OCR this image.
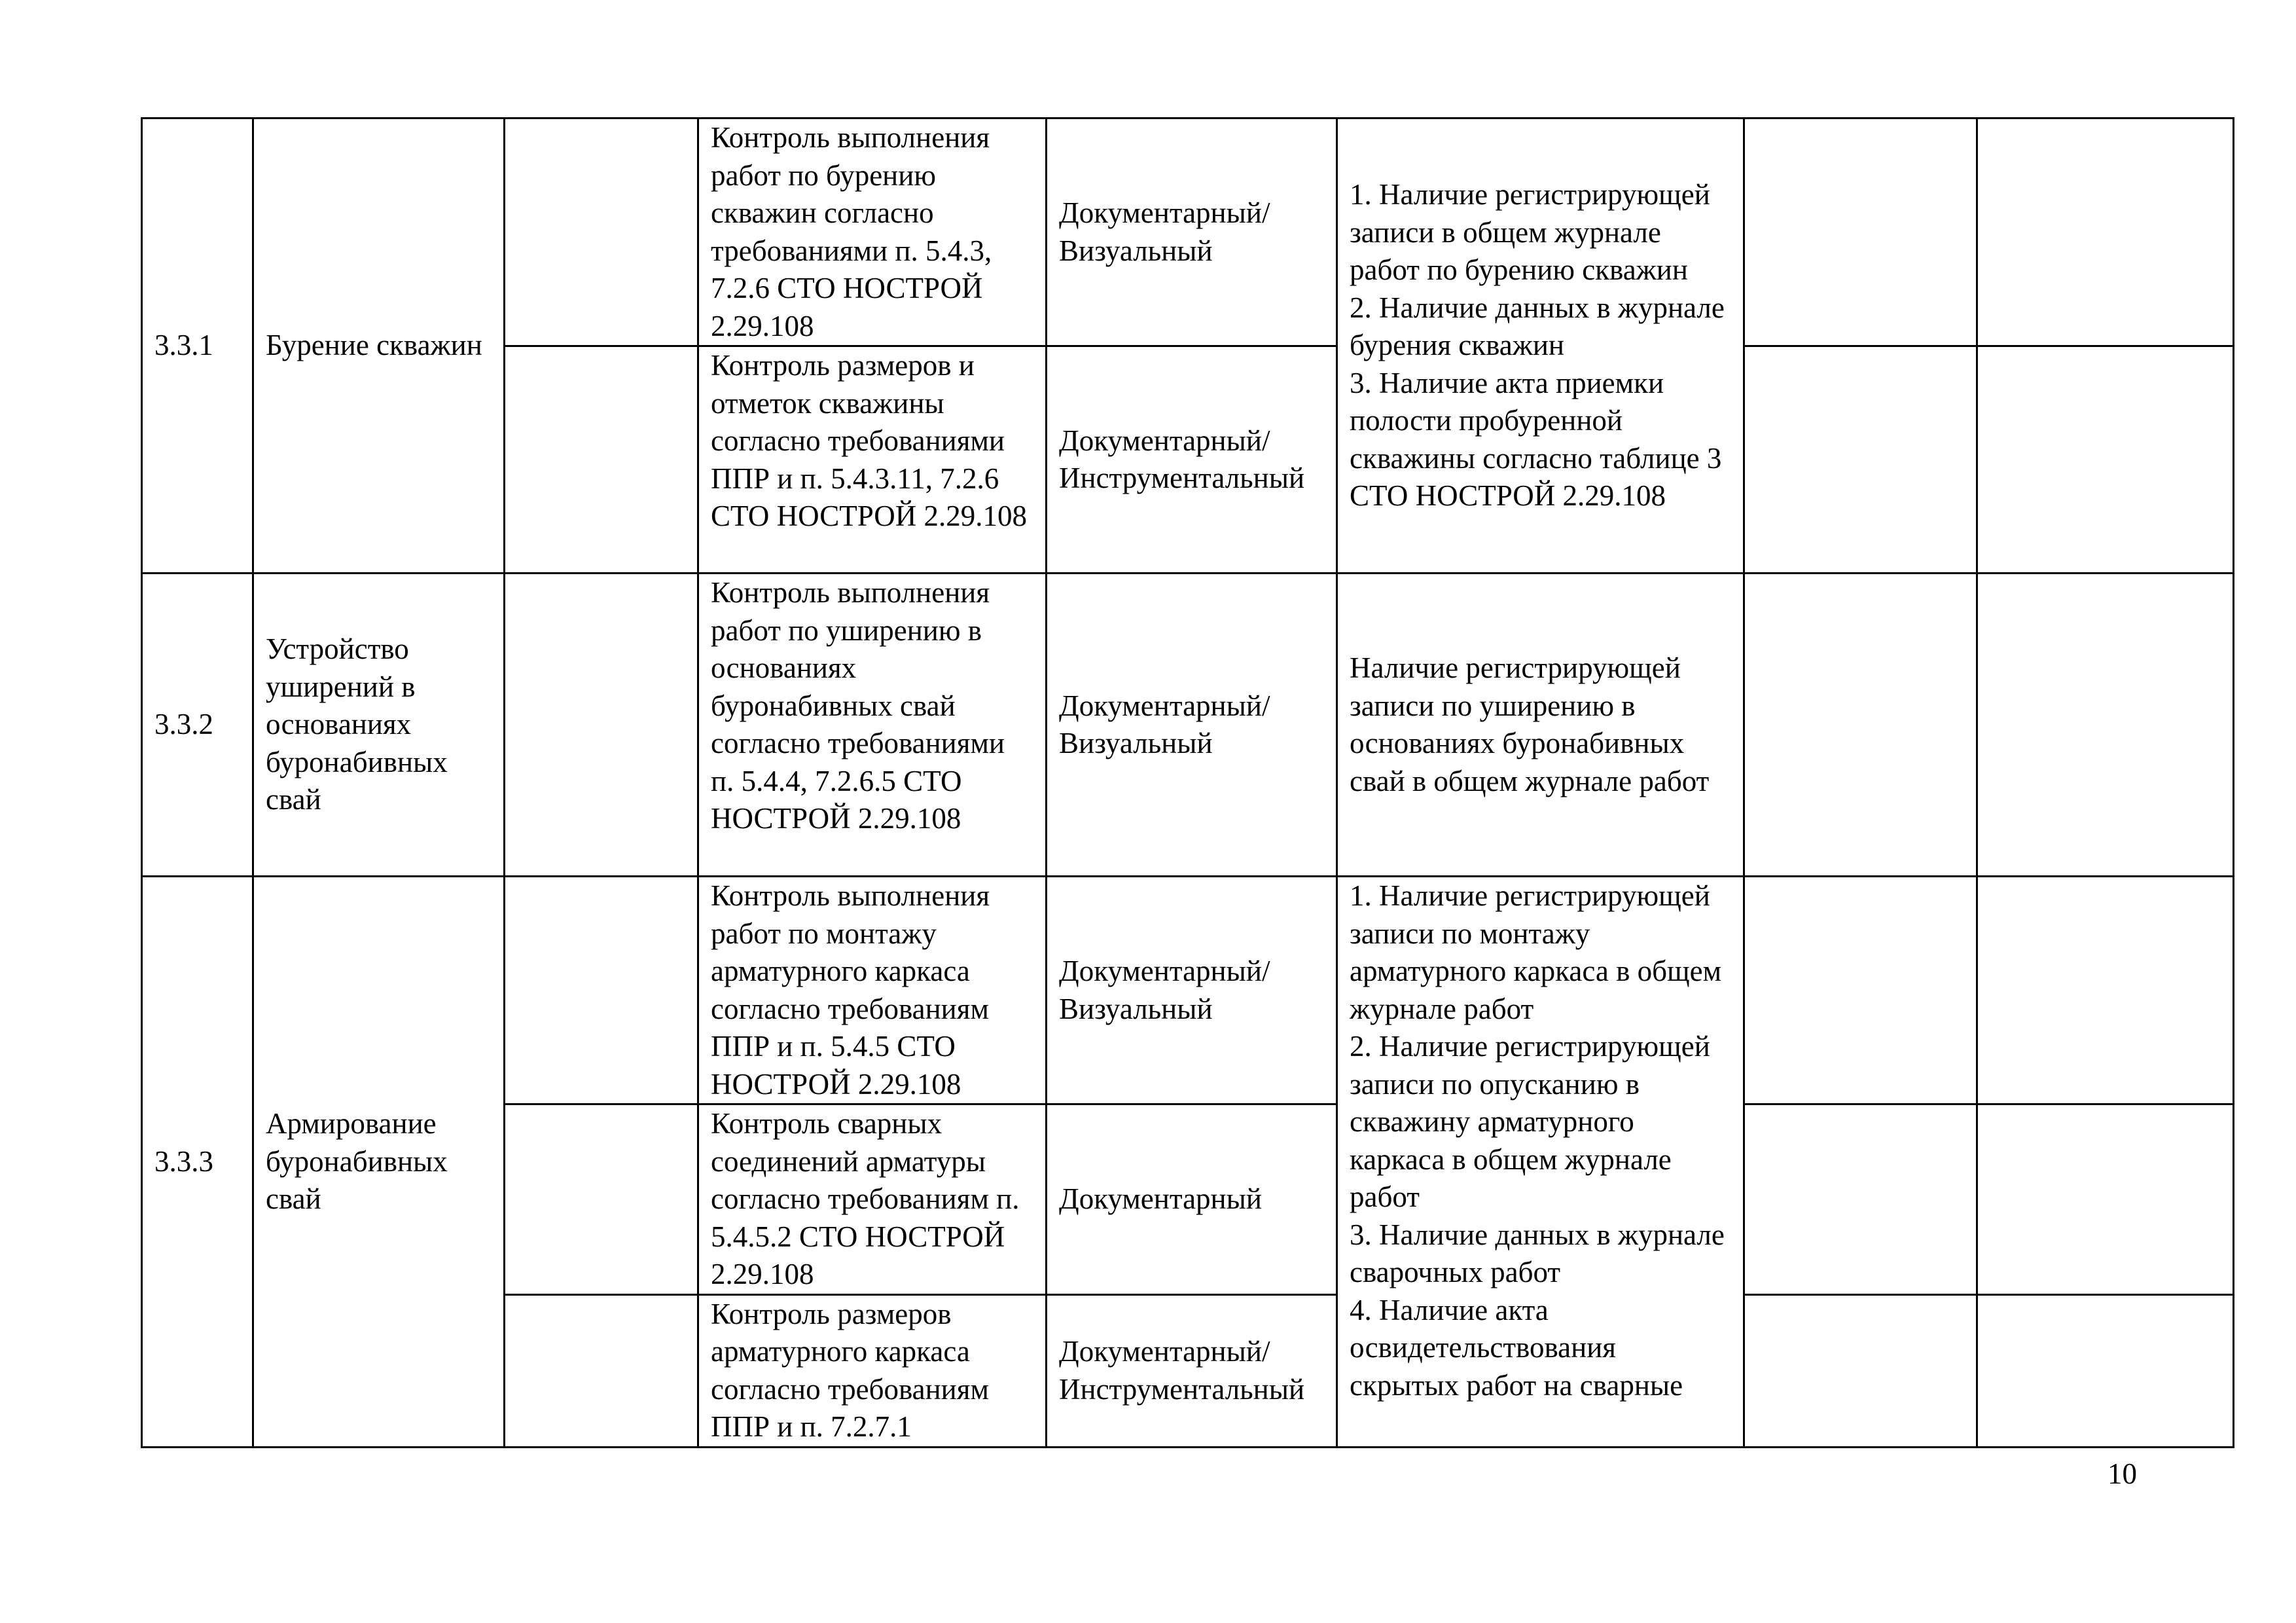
3.3.1	Бурение скважин		Контроль выполнения работ по бурению скважин согласно требованиями п. 5.4.3, 7.2.6 СТО НОСТРОЙ 2.29.108	Документарный/ Визуальный	1. Наличие регистрирующей записи в общем журнале работ по бурению скважин
2. Наличие данных в журнале бурения скважин
3. Наличие акта приемки полости пробуренной скважины согласно таблице 3 СТО НОСТРОЙ 2.29.108		

			Контроль размеров и отметок скважины согласно требованиями ППР и п. 5.4.3.11, 7.2.6 СТО НОСТРОЙ 2.29.108	Документарный/ Инструментальный			
3.3.2	Устройство уширений в основаниях буронабивных свай		Контроль выполнения работ по уширению в основаниях буронабивных свай согласно требованиями п. 5.4.4, 7.2.6.5 СТО НОСТРОЙ 2.29.108	Документарный/ Визуальный	Наличие регистрирующей записи по уширению в основаниях буронабивных свай в общем журнале работ		

3.3.3	Армирование буронабивных свай		Контроль выполнения работ по монтажу арматурного каркаса согласно требованиям ППР и п. 5.4.5 СТО НОСТРОЙ 2.29.108	Документарный/ Визуальный	1. Наличие регистрирующей записи по монтажу арматурного каркаса в общем журнале работ
2. Наличие регистрирующей записи по опусканию в скважину арматурного каркаса в общем журнале работ
3. Наличие данных в журнале сварочных работ
4. Наличие акта освидетельствования скрытых работ на сварные		

			Контроль сварных соединений арматуры согласно требованиям п. 5.4.5.2 СТО НОСТРОЙ 2.29.108	Документарный			
			Контроль размеров арматурного каркаса согласно требованиям ППР и п. 7.2.7.1	Документарный/ Инструментальный			
10
